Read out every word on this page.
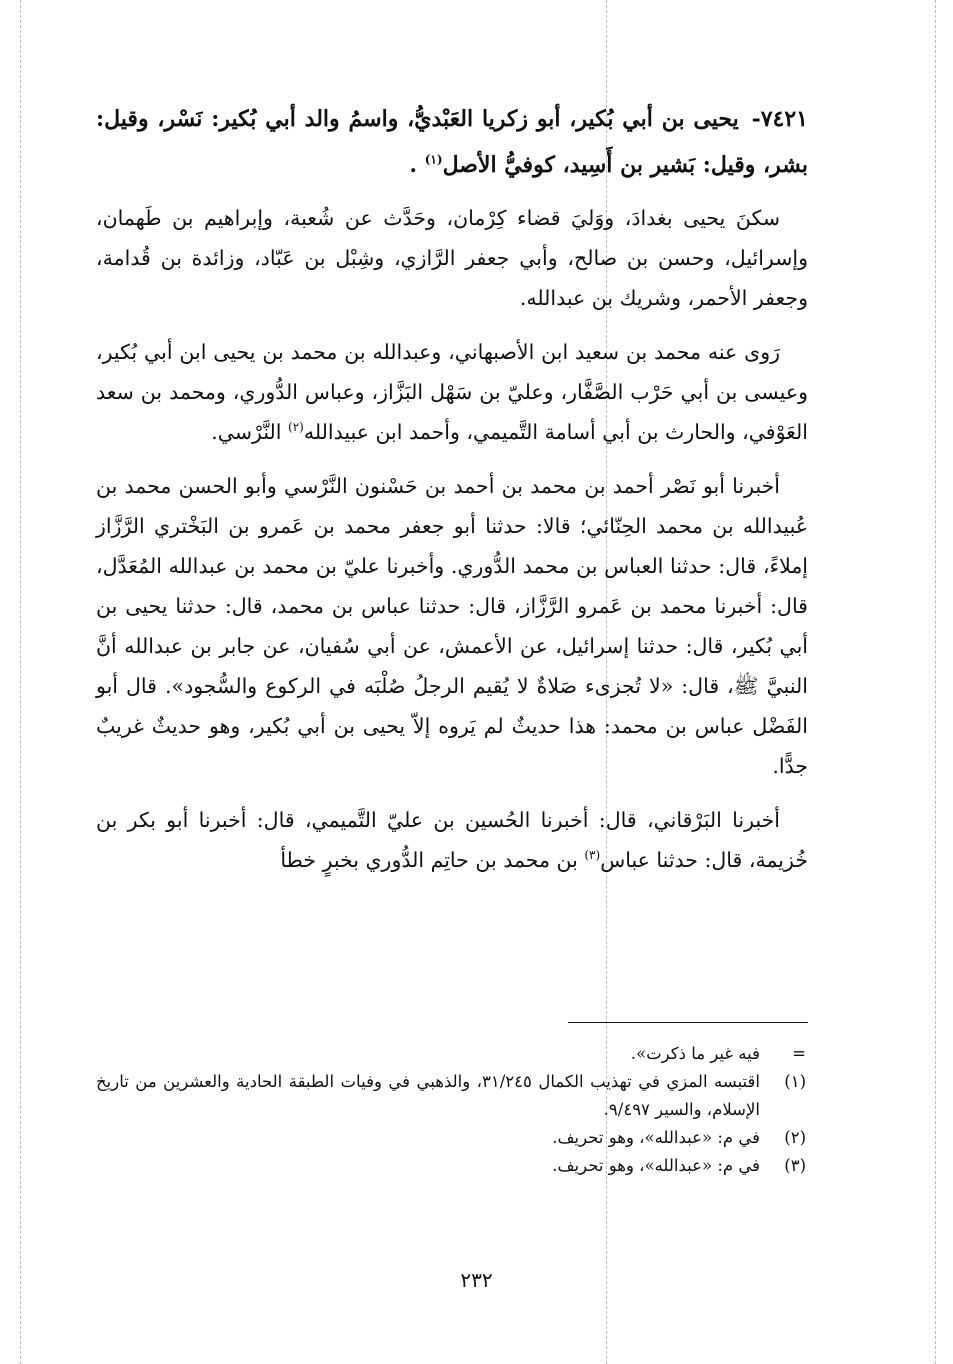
٧٤٢١- يحيى بن أبي بُكير، أبو زكريا العَبْديُّ، واسمُ والد أبي بُكير: نَسْر، وقيل: بشر، وقيل: بَشير بن أَسِيد، كوفيُّ الأصل$^{(١)}$ .

سكنَ يحيى بغدادَ، ووَليَ قضاء كِرْمان، وحَدَّث عن شُعبة، وإبراهيم بن طَهمان، وإسرائيل، وحسن بن صالح، وأبي جعفر الرَّازي، وشِبْل بن عَبّاد، وزائدة بن قُدامة، وجعفر الأحمر، وشريك بن عبدالله.

رَوى عنه محمد بن سعيد ابن الأصبهاني، وعبدالله بن محمد بن يحيى ابن أبي بُكير، وعيسى بن أبي حَرْب الصَّفَّار، وعليّ بن سَهْل البَزَّاز، وعباس الدُّوري، ومحمد بن سعد العَوْفي، والحارث بن أبي أسامة التَّميمي، وأحمد ابن عبيدالله$^{(٢)}$ النَّرْسي.

أخبرنا أبو نَصْر أحمد بن محمد بن أحمد بن حَسْنون النَّرْسي وأبو الحسن محمد بن عُبيدالله بن محمد الحِنّائي؛ قالا: حدثنا أبو جعفر محمد بن عَمرو بن البَخْتري الرَّزَّاز إملاءً، قال: حدثنا العباس بن محمد الدُّوري. وأخبرنا عليّ بن محمد بن عبدالله المُعَدَّل، قال: أخبرنا محمد بن عَمرو الرَّزَّاز، قال: حدثنا عباس بن محمد، قال: حدثنا يحيى بن أبي بُكير، قال: حدثنا إسرائيل، عن الأعمش، عن أبي سُفيان، عن جابر بن عبدالله أنَّ النبيَّ ﷺ، قال: «لا تُجزىء صَلاةٌ لا يُقيم الرجلُ صُلْبَه في الركوع والسُّجود». قال أبو الفَضْل عباس بن محمد: هذا حديثٌ لم يَروه إلاّ يحيى بن أبي بُكير، وهو حديثٌ غريبٌ جدًّا.

أخبرنا البَرْقاني، قال: أخبرنا الحُسين بن عليّ التَّميمي، قال: أخبرنا أبو بكر بن خُزيمة، قال: حدثنا عباس$^{(٣)}$ بن محمد بن حاتِم الدُّوري بخبرٍ خطأ

=
فيه غير ما ذكرت».
(١)
اقتبسه المزي في تهذيب الكمال ٣١/٢٤٥، والذهبي في وفيات الطبقة الحادية والعشرين من تاريخ الإسلام، والسير ٩/٤٩٧.
(٢)
في م: «عبدالله»، وهو تحريف.
(٣)
في م: «عبدالله»، وهو تحريف.
٢٣٢
